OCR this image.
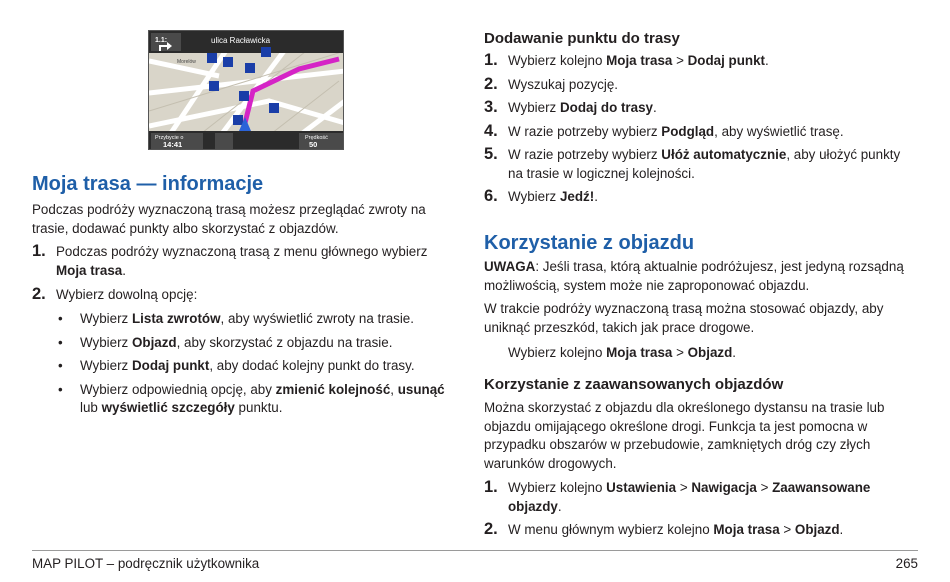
1.1:	ulica Racławicka
Morelów
Przybycie o
14:41
Prędkość
50
Moja trasa — informacje

Podczas podróży wyznaczoną trasą możesz przeglądać zwroty na trasie, dodawać punkty albo skorzystać z objazdów.

1. Podczas podróży wyznaczoną trasą z menu głównego wybierz Moja trasa.
2. Wybierz dowolną opcję:
• Wybierz Lista zwrotów, aby wyświetlić zwroty na trasie.
• Wybierz Objazd, aby skorzystać z objazdu na trasie.
• Wybierz Dodaj punkt, aby dodać kolejny punkt do trasy.
• Wybierz odpowiednią opcję, aby zmienić kolejność, usunąć lub wyświetlić szczegóły punktu.
Dodawanie punktu do trasy
1. Wybierz kolejno Moja trasa > Dodaj punkt.
2. Wyszukaj pozycję.
3. Wybierz Dodaj do trasy.
4. W razie potrzeby wybierz Podgląd, aby wyświetlić trasę.
5. W razie potrzeby wybierz Ułóż automatycznie, aby ułożyć punkty na trasie w logicznej kolejności.
6. Wybierz Jedź!.
Korzystanie z objazdu

UWAGA: Jeśli trasa, którą aktualnie podróżujesz, jest jedyną rozsądną możliwością, system może nie zaproponować objazdu.

W trakcie podróży wyznaczoną trasą można stosować objazdy, aby uniknąć przeszkód, takich jak prace drogowe.

Wybierz kolejno Moja trasa > Objazd.

Korzystanie z zaawansowanych objazdów

Można skorzystać z objazdu dla określonego dystansu na trasie lub objazdu omijającego określone drogi. Funkcja ta jest pomocna w przypadku obszarów w przebudowie, zamkniętych dróg czy złych warunków drogowych.

1. Wybierz kolejno Ustawienia > Nawigacja > Zaawansowane objazdy.
2. W menu głównym wybierz kolejno Moja trasa > Objazd.
MAP PILOT – podręcznik użytkownika	265
